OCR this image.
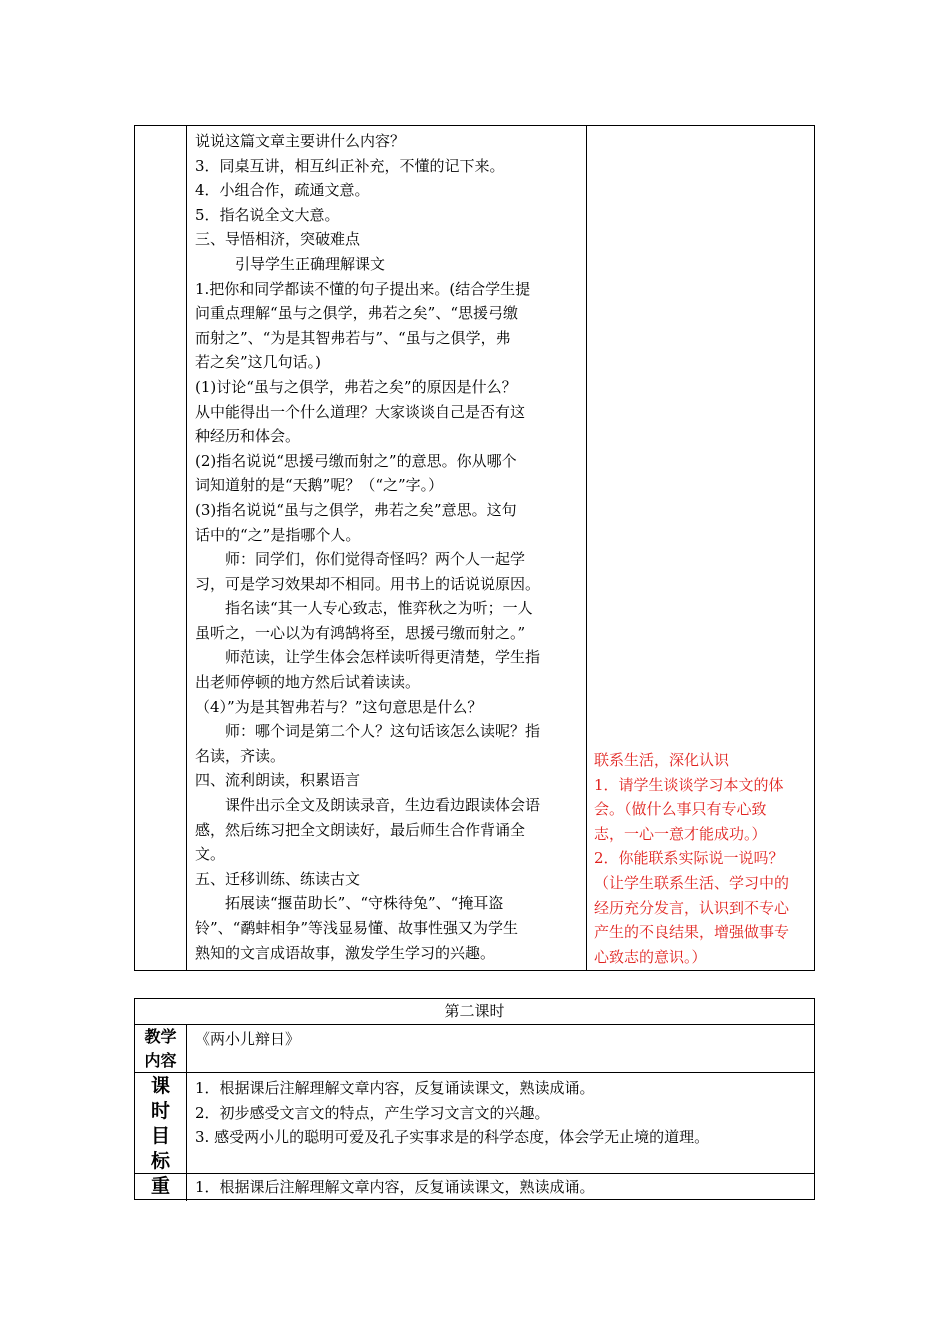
说说这篇文章主要讲什么内容？
3．同桌互讲，相互纠正补充，不懂的记下来。
4．小组合作，疏通文意。
5．指名说全文大意。
三、导悟相济，突破难点
引导学生正确理解课文
1.把你和同学都读不懂的句子提出来。(结合学生提
问重点理解“虽与之俱学，弗若之矣”、“思援弓缴
而射之”、“为是其智弗若与”、“虽与之俱学，弗
若之矣”这几句话。)
(1)讨论“虽与之俱学，弗若之矣”的原因是什么？
从中能得出一个什么道理？大家谈谈自己是否有这
种经历和体会。
(2)指名说说“思援弓缴而射之”的意思。你从哪个
词知道射的是“天鹅”呢？（“之”字。）
(3)指名说说“虽与之俱学，弗若之矣”意思。这句
话中的“之”是指哪个人。
师：同学们，你们觉得奇怪吗？两个人一起学
习，可是学习效果却不相同。用书上的话说说原因。
指名读“其一人专心致志，惟弈秋之为听；一人
虽听之，一心以为有鸿鹄将至，思援弓缴而射之。”
师范读，让学生体会怎样读听得更清楚，学生指
出老师停顿的地方然后试着读读。
（4）”为是其智弗若与？”这句意思是什么？
师：哪个词是第二个人？这句话该怎么读呢？指
名读，齐读。
四、流利朗读，积累语言
课件出示全文及朗读录音，生边看边跟读体会语
感，然后练习把全文朗读好，最后师生合作背诵全
文。
五、迁移训练、练读古文
拓展读“揠苗助长”、“守株待兔”、“掩耳盗
铃”、“鹬蚌相争”等浅显易懂、故事性强又为学生
熟知的文言成语故事，激发学生学习的兴趣。
联系生活，深化认识
1．请学生谈谈学习本文的体
会。（做什么事只有专心致
志，一心一意才能成功。）
2．你能联系实际说一说吗？
（让学生联系生活、学习中的
经历充分发言，认识到不专心
产生的不良结果，增强做事专
心致志的意识。）
第二课时
教学
内容
《两小儿辩日》
课
时
目
标
1．根据课后注解理解文章内容，反复诵读课文，熟读成诵。
2．初步感受文言文的特点，产生学习文言文的兴趣。
3. 感受两小儿的聪明可爱及孔子实事求是的科学态度，体会学无止境的道理。
重	1．根据课后注解理解文章内容，反复诵读课文，熟读成诵。
